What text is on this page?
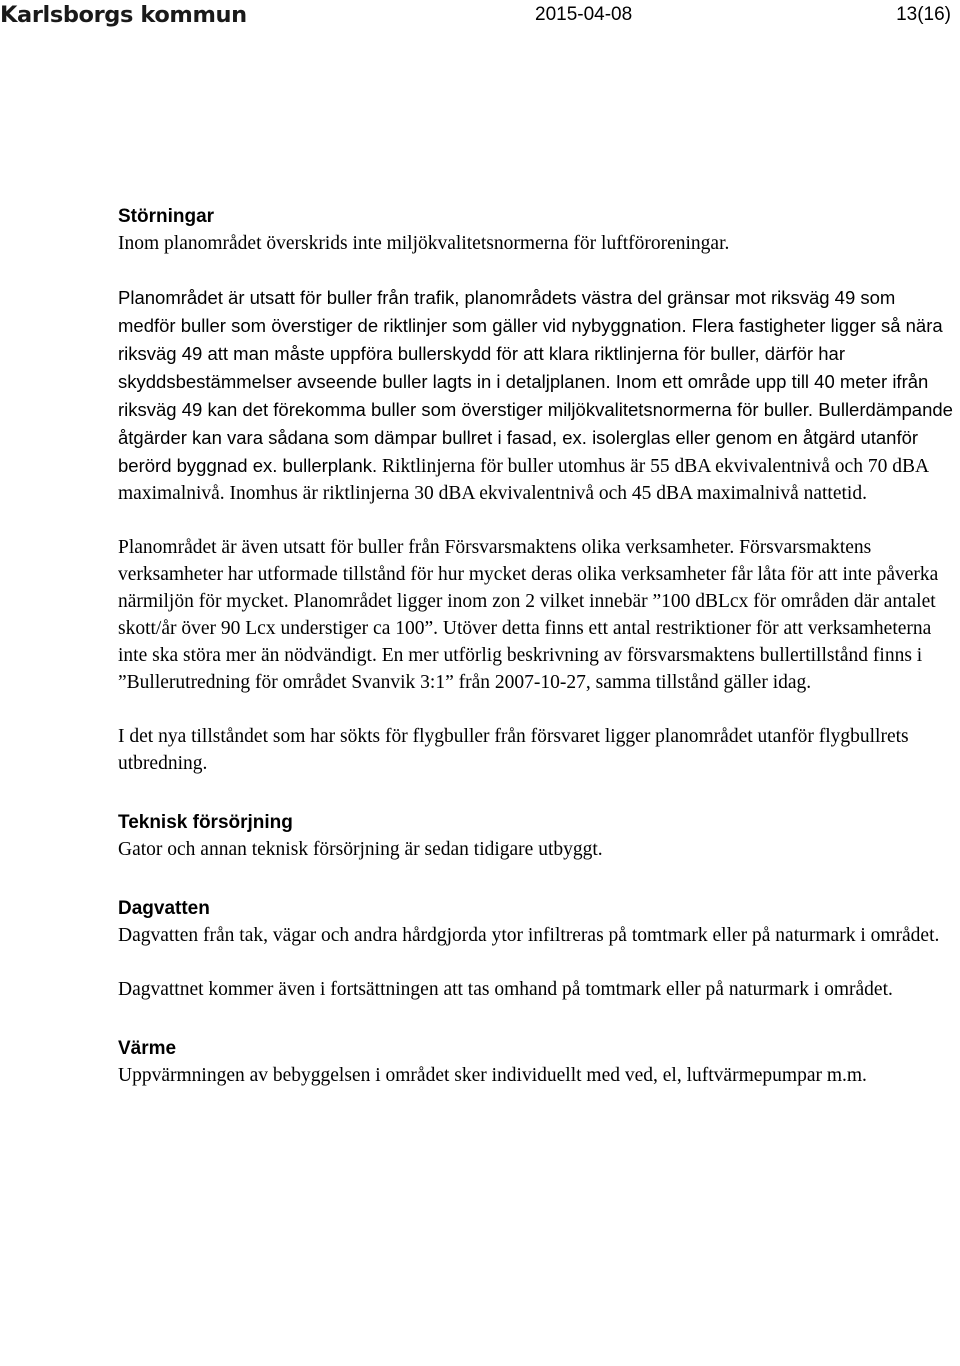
Karlsborgs kommun	2015-04-08	13(16)
Störningar

Inom planområdet överskrids inte miljökvalitetsnormerna för luftföroreningar.

Planområdet är utsatt för buller från trafik, planområdets västra del gränsar mot riksväg 49 som medför buller som överstiger de riktlinjer som gäller vid nybyggnation. Flera fastigheter ligger så nära riksväg 49 att man måste uppföra bullerskydd för att klara riktlinjerna för buller, därför har skyddsbestämmelser avseende buller lagts in i detaljplanen. Inom ett område upp till 40 meter ifrån riksväg 49 kan det förekomma buller som överstiger miljökvalitetsnormerna för buller. Bullerdämpande åtgärder kan vara sådana som dämpar bullret i fasad, ex. isolerglas eller genom en åtgärd utanför berörd byggnad ex. bullerplank. Riktlinjerna för buller utomhus är 55 dBA ekvivalentnivå och 70 dBA maximalnivå. Inomhus är riktlinjerna 30 dBA ekvivalentnivå och 45 dBA maximalnivå nattetid.

Planområdet är även utsatt för buller från Försvarsmaktens olika verksamheter. Försvarsmaktens verksamheter har utformade tillstånd för hur mycket deras olika verksamheter får låta för att inte påverka närmiljön för mycket. Planområdet ligger inom zon 2 vilket innebär ”100 dBLcx för områden där antalet skott/år över 90 Lcx understiger ca 100”. Utöver detta finns ett antal restriktioner för att verksamheterna inte ska störa mer än nödvändigt. En mer utförlig beskrivning av försvarsmaktens bullertillstånd finns i ”Bullerutredning för området Svanvik 3:1” från 2007-10-27, samma tillstånd gäller idag.

I det nya tillståndet som har sökts för flygbuller från försvaret ligger planområdet utanför flygbullrets utbredning.

Teknisk försörjning

Gator och annan teknisk försörjning är sedan tidigare utbyggt.

Dagvatten

Dagvatten från tak, vägar och andra hårdgjorda ytor infiltreras på tomtmark eller på naturmark i området.

Dagvattnet kommer även i fortsättningen att tas omhand på tomtmark eller på naturmark i området.

Värme

Uppvärmningen av bebyggelsen i området sker individuellt med ved, el, luftvärmepumpar m.m.
